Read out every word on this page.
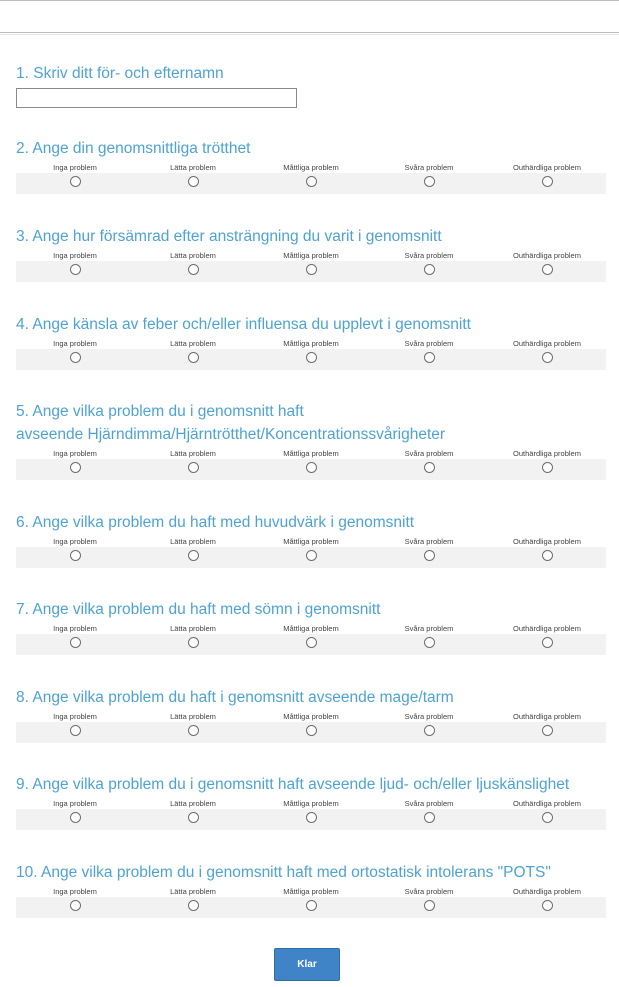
1. Skriv ditt för- och efternamn

2. Ange din genomsnittliga trötthet

Inga problem	Lätta problem	Måttliga problem	Svåra problem	Outhärdliga problem

3. Ange hur försämrad efter ansträngning du varit i genomsnitt

Inga problem	Lätta problem	Måttliga problem	Svåra problem	Outhärdliga problem

4. Ange känsla av feber och/eller influensa du upplevt i genomsnitt

Inga problem	Lätta problem	Måttliga problem	Svåra problem	Outhärdliga problem

5. Ange vilka problem du i genomsnitt haft
avseende Hjärndimma/Hjärntrötthet/Koncentrationssvårigheter

Inga problem	Lätta problem	Måttliga problem	Svåra problem	Outhärdliga problem

6. Ange vilka problem du haft med huvudvärk i genomsnitt

Inga problem	Lätta problem	Måttliga problem	Svåra problem	Outhärdliga problem

7. Ange vilka problem du haft med sömn i genomsnitt

Inga problem	Lätta problem	Måttliga problem	Svåra problem	Outhärdliga problem

8. Ange vilka problem du haft i genomsnitt avseende mage/tarm

Inga problem	Lätta problem	Måttliga problem	Svåra problem	Outhärdliga problem

9. Ange vilka problem du i genomsnitt haft avseende ljud- och/eller ljuskänslighet

Inga problem	Lätta problem	Måttliga problem	Svåra problem	Outhärdliga problem

10. Ange vilka problem du i genomsnitt haft med ortostatisk intolerans "POTS"

Inga problem	Lätta problem	Måttliga problem	Svåra problem	Outhärdliga problem
Klar
